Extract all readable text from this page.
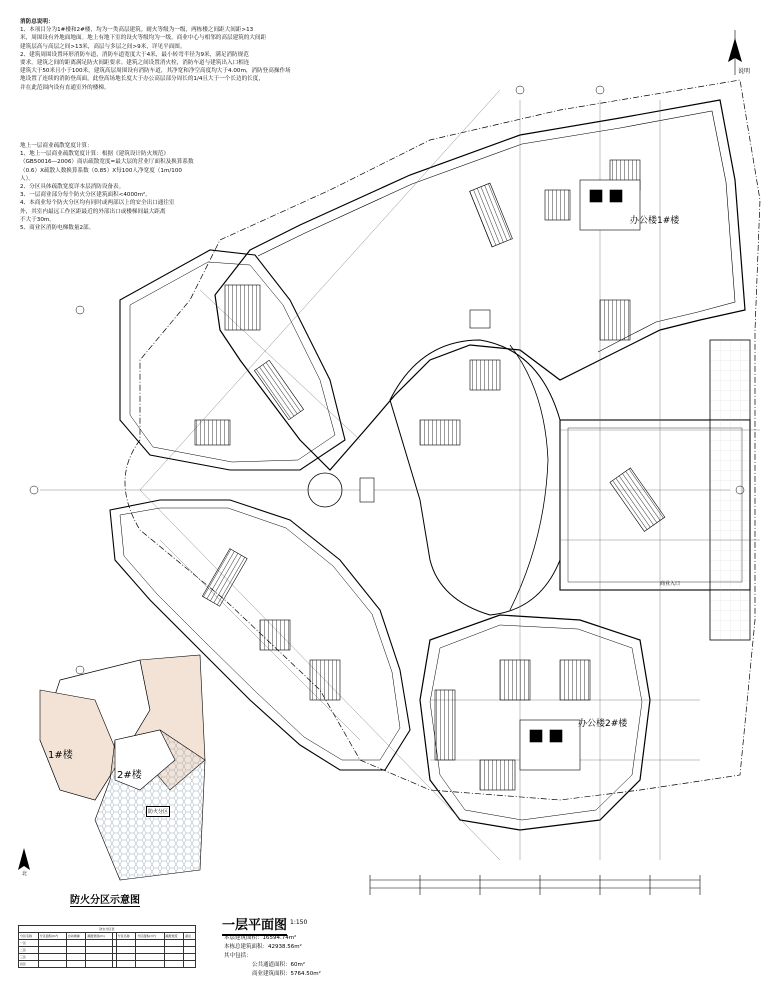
消防总说明：

1、本项目分为1#楼和2#楼，均为一类高层建筑。耐火等级为一级，两栋楼之间距大间距>13

米，周围设有外地面地面。地上有地下室的设火等级均为一级。商业中心与相邻的高层建筑的大间距

建筑层高与高层之间>13米，高层与多层之间>9米，详见平面图。

2、建筑周围设置环形消防车道，消防车道宽度大于4米，最小转弯半径为9米，满足消防规范

要求。建筑之间的距离满足防火间距要求。建筑之间设置消火栓，消防车道与建筑出入口相连

建筑大于50米且小于100米，建筑高层周围设有消防车道，其净宽和净空高度均大于4.00m，消防登高操作场

地设置了连续的消防登高面，此登高场地长度大于办公高层部分周长的1/4且大于一个长边的长度，

并在此范围内设有直通室外的楼梯。

地上一层商业疏散宽度计算：

1、地上一层商业疏散宽度计算：根据《建筑设计防火规范》

（GB50016—2006）商店疏散宽度=最大层的营业厅面积及换算系数

（0.6）X疏散人数换算系数（0.85）X每100人净宽度（1m/100

人）。

2、分区具体疏散宽度详本层消防设备表。

3、一层商业部分每个防火分区建筑面积<4000m²。

4、本商业每个防火分区均有同时或两部以上的安全出口通往室

外，其室内最远工作区距最近的外部出口或楼梯间最大距离

不大于30m。

5、商业区消防电梯数量2部。

办公楼1#楼
办公楼2#楼
说明
商业入口
1#楼
2#楼
防火分区
北
防火分区示意图
防火分区表								
分区名称	分区面积(m²)	自动喷淋	疏散宽度(m)		分区名称	分区面积(m²)	疏散宽度	备注
一区								
二区								
三区								
四区								
一层平面图 1:150

本层建筑面积：16594.74m²

本栋总建筑面积：42938.56m²

其中包括：

公共通道面积：60m²

商业建筑面积：5764.50m²
